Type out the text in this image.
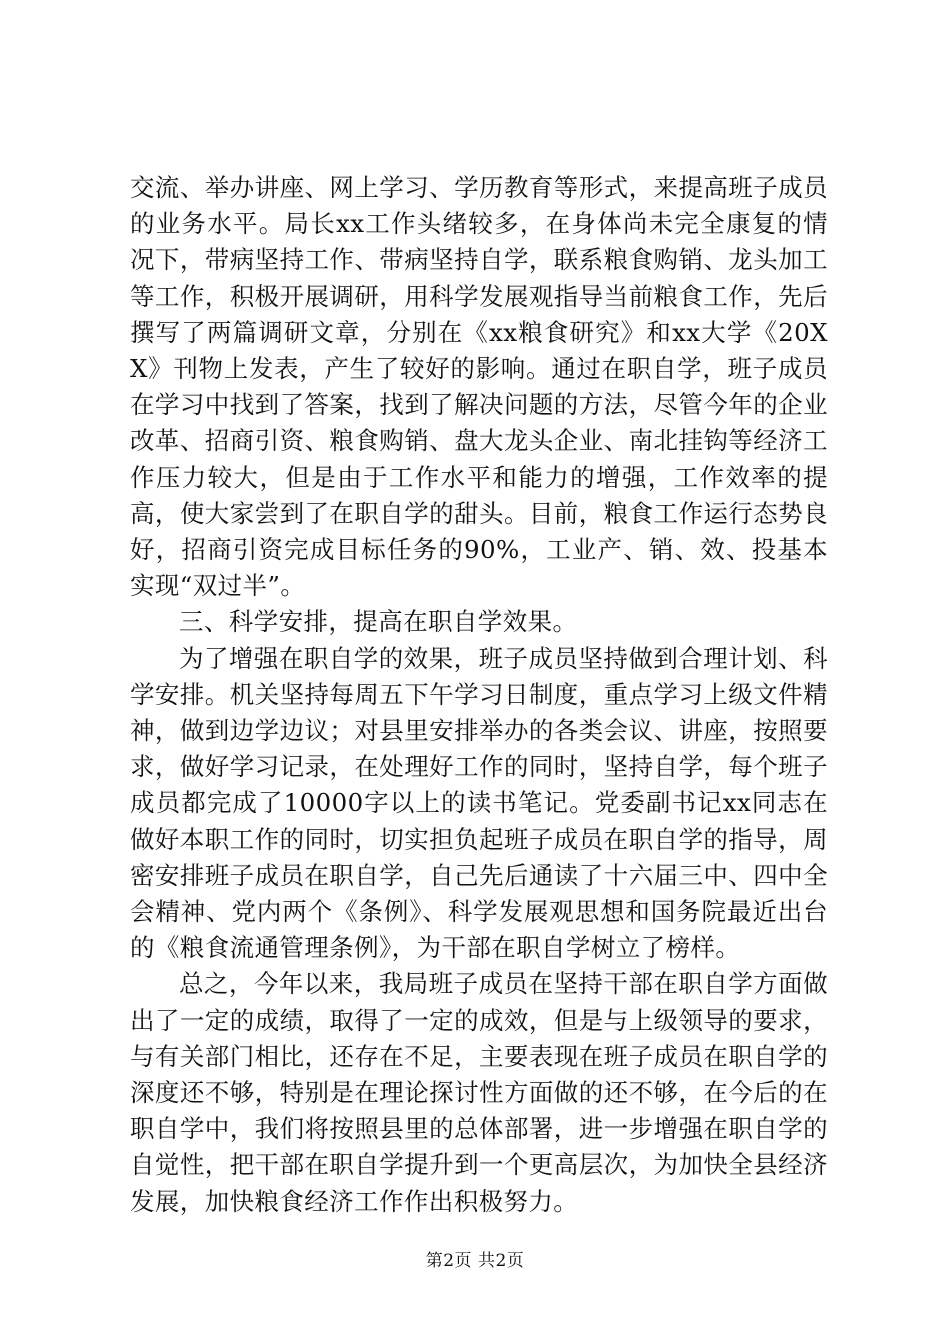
交流、举办讲座、网上学习、学历教育等形式，来提高班子成员的业务水平。局长xx工作头绪较多，在身体尚未完全康复的情况下，带病坚持工作、带病坚持自学，联系粮食购销、龙头加工等工作，积极开展调研，用科学发展观指导当前粮食工作，先后撰写了两篇调研文章，分别在《xx粮食研究》和xx大学《20XX》刊物上发表，产生了较好的影响。通过在职自学，班子成员在学习中找到了答案，找到了解决问题的方法，尽管今年的企业改革、招商引资、粮食购销、盘大龙头企业、南北挂钩等经济工作压力较大，但是由于工作水平和能力的增强，工作效率的提高，使大家尝到了在职自学的甜头。目前，粮食工作运行态势良好，招商引资完成目标任务的90%，工业产、销、效、投基本实现“双过半”。

三、科学安排，提高在职自学效果。

为了增强在职自学的效果，班子成员坚持做到合理计划、科学安排。机关坚持每周五下午学习日制度，重点学习上级文件精神，做到边学边议；对县里安排举办的各类会议、讲座，按照要求，做好学习记录，在处理好工作的同时，坚持自学，每个班子成员都完成了10000字以上的读书笔记。党委副书记xx同志在做好本职工作的同时，切实担负起班子成员在职自学的指导，周密安排班子成员在职自学，自己先后通读了十六届三中、四中全会精神、党内两个《条例》、科学发展观思想和国务院最近出台的《粮食流通管理条例》，为干部在职自学树立了榜样。

总之，今年以来，我局班子成员在坚持干部在职自学方面做出了一定的成绩，取得了一定的成效，但是与上级领导的要求，与有关部门相比，还存在不足，主要表现在班子成员在职自学的深度还不够，特别是在理论探讨性方面做的还不够，在今后的在职自学中，我们将按照县里的总体部署，进一步增强在职自学的自觉性，把干部在职自学提升到一个更高层次，为加快全县经济发展，加快粮食经济工作作出积极努力。

第2页 共2页
